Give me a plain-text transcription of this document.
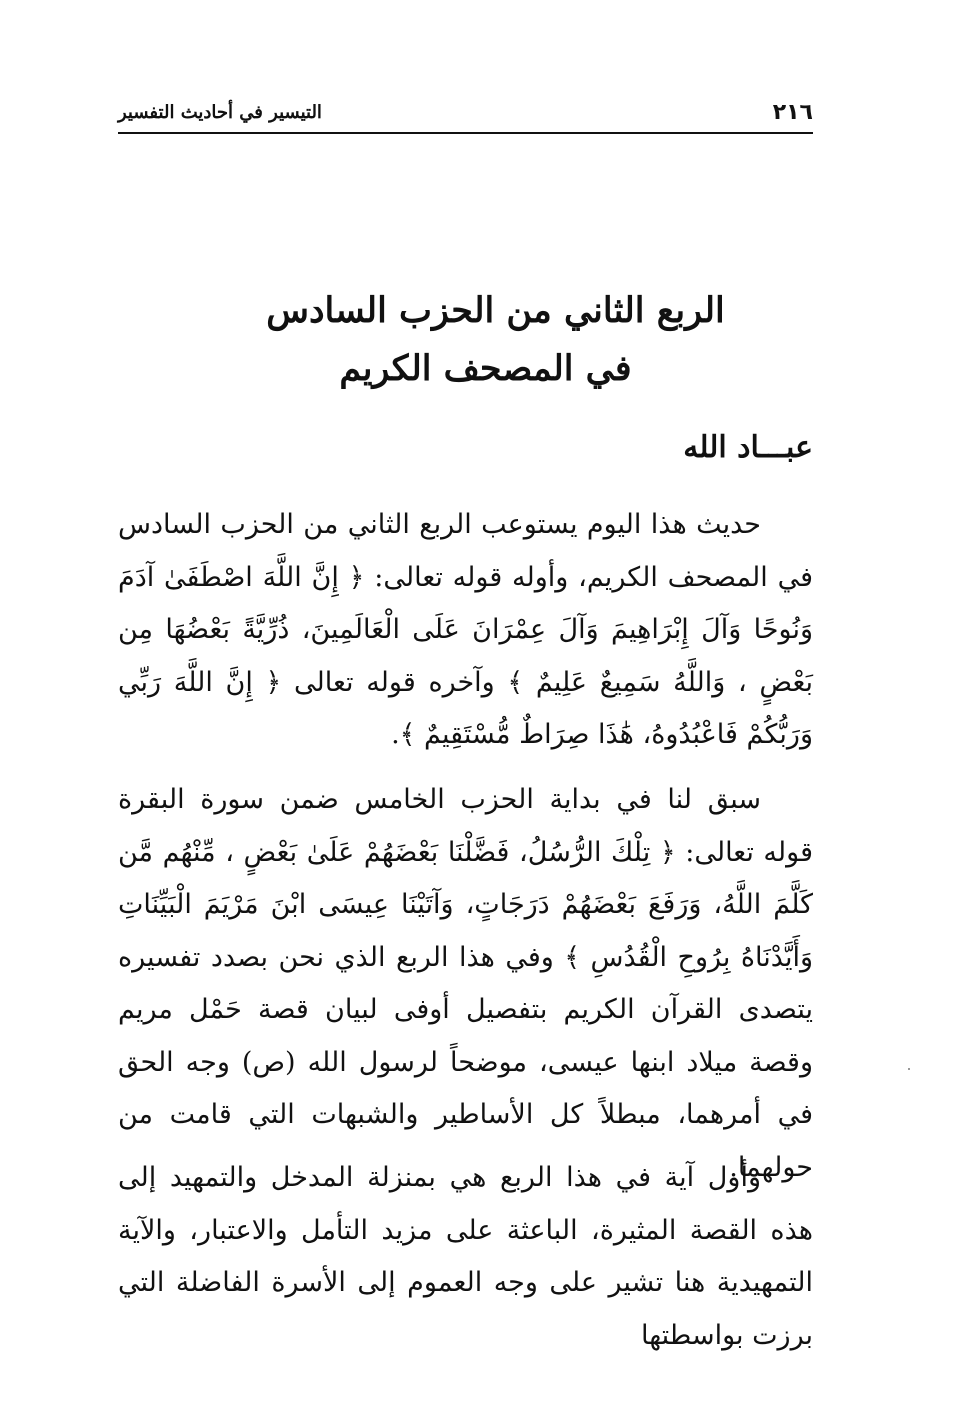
٢١٦
التيسير في أحاديث التفسير
الربع الثاني من الحزب السادس
في المصحف الكريم
عبـــاد الله

حديث هذا اليوم يستوعب الربع الثاني من الحزب السادس في المصحف الكريم، وأوله قوله تعالى: ﴿ إِنَّ اللَّهَ اصْطَفَىٰ آدَمَ وَنُوحًا وَآلَ إِبْرَاهِيمَ وَآلَ عِمْرَانَ عَلَى الْعَالَمِينَ، ذُرِّيَّةً بَعْضُهَا مِن بَعْضٍ ، وَاللَّهُ سَمِيعٌ عَلِيمٌ ﴾ وآخره قوله تعالى ﴿ إِنَّ اللَّهَ رَبِّي وَرَبُّكُمْ فَاعْبُدُوهُ، هَٰذَا صِرَاطٌ مُّسْتَقِيمٌ ﴾.

سبق لنا في بداية الحزب الخامس ضمن سورة البقرة قوله تعالى: ﴿ تِلْكَ الرُّسُلُ، فَضَّلْنَا بَعْضَهُمْ عَلَىٰ بَعْضٍ ، مِّنْهُم مَّن كَلَّمَ اللَّهُ، وَرَفَعَ بَعْضَهُمْ دَرَجَاتٍ، وَآتَيْنَا عِيسَى ابْنَ مَرْيَمَ الْبَيِّنَاتِ وَأَيَّدْنَاهُ بِرُوحِ الْقُدُسِ ﴾ وفي هذا الربع الذي نحن بصدد تفسيره يتصدى القرآن الكريم بتفصيل أوفى لبيان قصة حَمْل مريم وقصة ميلاد ابنها عيسى، موضحاً لرسول الله (ص) وجه الحق في أمرهما، مبطلاً كل الأساطير والشبهات التي قامت من حولهما.

وأول آية في هذا الربع هي بمنزلة المدخل والتمهيد إلى هذه القصة المثيرة، الباعثة على مزيد التأمل والاعتبار، والآية التمهيدية هنا تشير على وجه العموم إلى الأسرة الفاضلة التي برزت بواسطتها
